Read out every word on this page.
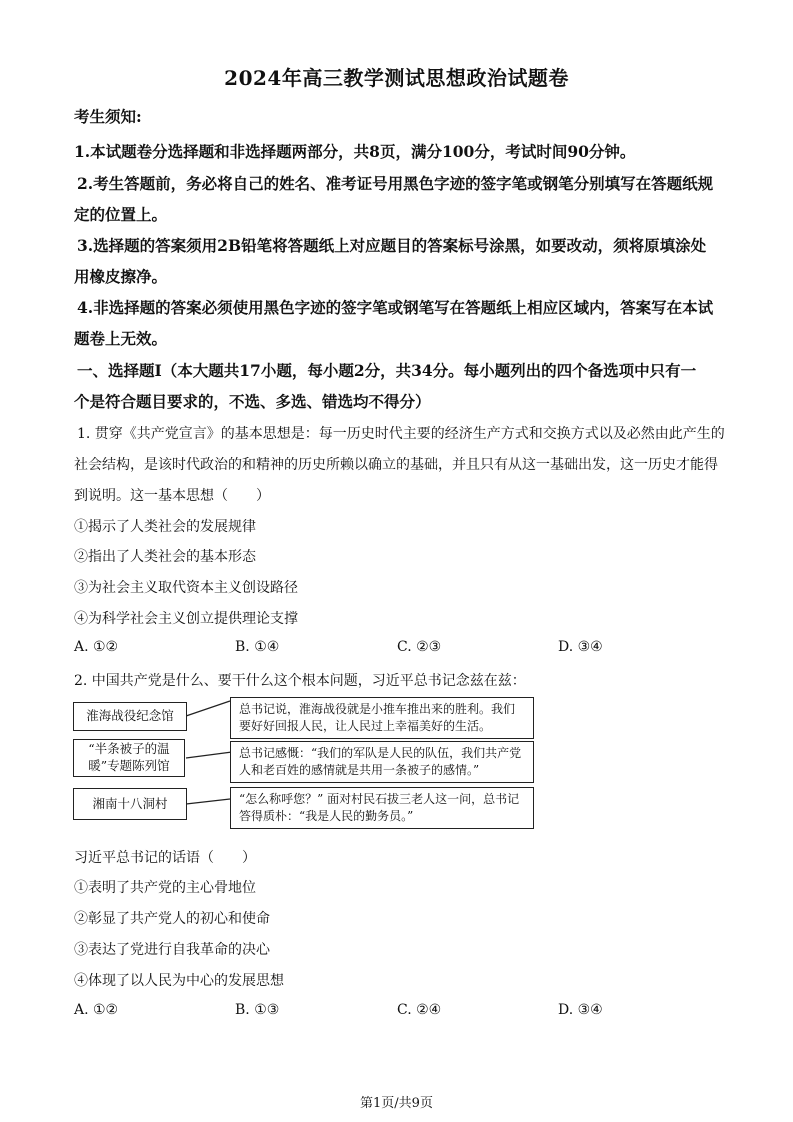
2024年高三教学测试思想政治试题卷
考生须知:
1.本试题卷分选择题和非选择题两部分，共8页，满分100分，考试时间90分钟。
2.考生答题前，务必将自己的姓名、准考证号用黑色字迹的签字笔或钢笔分别填写在答题纸规
定的位置上。
3.选择题的答案须用2B铅笔将答题纸上对应题目的答案标号涂黑，如要改动，须将原填涂处
用橡皮擦净。
4.非选择题的答案必须使用黑色字迹的签字笔或钢笔写在答题纸上相应区域内，答案写在本试
题卷上无效。
一、选择题Ⅰ（本大题共17小题，每小题2分，共34分。每小题列出的四个备选项中只有一
个是符合题目要求的，不选、多选、错选均不得分）
1. 贯穿《共产党宣言》的基本思想是：每一历史时代主要的经济生产方式和交换方式以及必然由此产生的
社会结构，是该时代政治的和精神的历史所赖以确立的基础，并且只有从这一基础出发，这一历史才能得
到说明。这一基本思想（　　）
①揭示了人类社会的发展规律
②指出了人类社会的基本形态
③为社会主义取代资本主义创设路径
④为科学社会主义创立提供理论支撑
A. ①②	B. ①④	C. ②③	D. ③④
2. 中国共产党是什么、要干什么这个根本问题，习近平总书记念兹在兹：
淮海战役纪念馆
“半条被子的温暖”专题陈列馆
湘南十八洞村
总书记说，淮海战役就是小推车推出来的胜利。我们要好好回报人民，让人民过上幸福美好的生活。
总书记感慨：“我们的军队是人民的队伍，我们共产党人和老百姓的感情就是共用一条被子的感情。”
“怎么称呼您？” 面对村民石拔三老人这一问，总书记答得质朴：“我是人民的勤务员。”
习近平总书记的话语（　　）
①表明了共产党的主心骨地位
②彰显了共产党人的初心和使命
③表达了党进行自我革命的决心
④体现了以人民为中心的发展思想
A. ①②	B. ①③	C. ②④	D. ③④
第1页/共9页
